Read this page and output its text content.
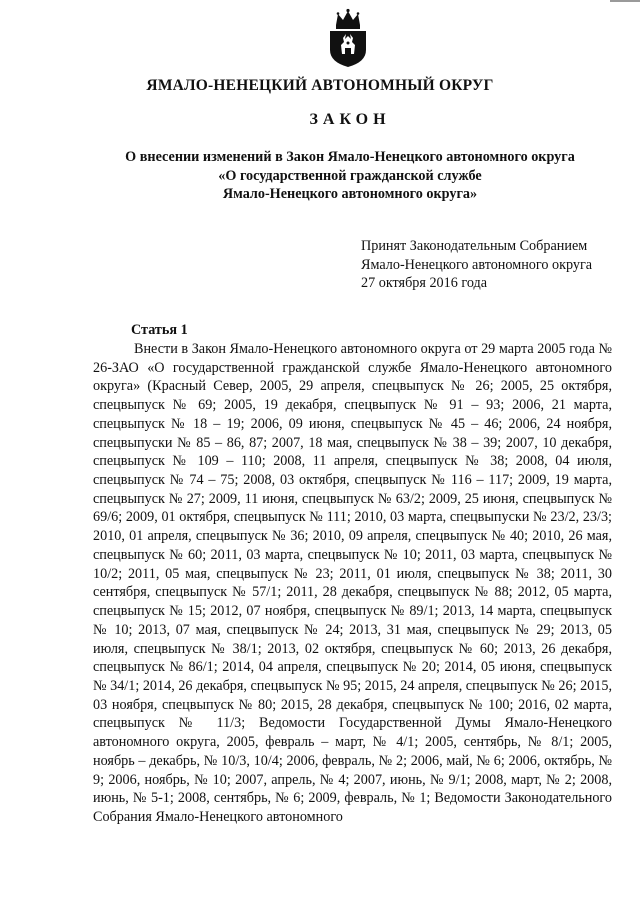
ЯМАЛО-НЕНЕЦКИЙ АВТОНОМНЫЙ ОКРУГ
ЗАКОН
О внесении изменений в Закон Ямало-Ненецкого автономного округа
«О государственной гражданской службе
Ямало-Ненецкого автономного округа»
Принят Законодательным Собранием
Ямало-Ненецкого автономного округа
27 октября 2016 года
Статья 1

Внести в Закон Ямало-Ненецкого автономного округа от 29 марта 2005 года № 26-ЗАО «О государственной гражданской службе Ямало-Ненецкого автономного округа» (Красный Север, 2005, 29 апреля, спецвыпуск № 26; 2005, 25 октября, спецвыпуск № 69; 2005, 19 декабря, спецвыпуск № 91 – 93; 2006, 21 марта, спецвыпуск № 18 – 19; 2006, 09 июня, спецвыпуск № 45 – 46; 2006, 24 ноября, спецвыпуски № 85 – 86, 87; 2007, 18 мая, спецвыпуск № 38 – 39; 2007, 10 декабря, спецвыпуск № 109 – 110; 2008, 11 апреля, спецвыпуск № 38; 2008, 04 июля, спецвыпуск № 74 – 75; 2008, 03 октября, спецвыпуск № 116 – 117; 2009, 19 марта, спецвыпуск № 27; 2009, 11 июня, спецвыпуск № 63/2; 2009, 25 июня, спецвыпуск № 69/6; 2009, 01 октября, спецвыпуск № 111; 2010, 03 марта, спецвыпуски № 23/2, 23/3; 2010, 01 апреля, спецвыпуск № 36; 2010, 09 апреля, спецвыпуск № 40; 2010, 26 мая, спецвыпуск № 60; 2011, 03 марта, спецвыпуск № 10; 2011, 03 марта, спецвыпуск № 10/2; 2011, 05 мая, спецвыпуск № 23; 2011, 01 июля, спецвыпуск № 38; 2011, 30 сентября, спецвыпуск № 57/1; 2011, 28 декабря, спецвыпуск № 88; 2012, 05 марта, спецвыпуск № 15; 2012, 07 ноября, спецвыпуск № 89/1; 2013, 14 марта, спецвыпуск № 10; 2013, 07 мая, спецвыпуск № 24; 2013, 31 мая, спецвыпуск № 29; 2013, 05 июля, спецвыпуск № 38/1; 2013, 02 октября, спецвыпуск № 60; 2013, 26 декабря, спецвыпуск № 86/1; 2014, 04 апреля, спецвыпуск № 20; 2014, 05 июня, спецвыпуск № 34/1; 2014, 26 декабря, спецвыпуск № 95; 2015, 24 апреля, спецвыпуск № 26; 2015, 03 ноября, спецвыпуск № 80; 2015, 28 декабря, спецвыпуск № 100; 2016, 02 марта, спецвыпуск № 11/3; Ведомости Государственной Думы Ямало-Ненецкого автономного округа, 2005, февраль – март, № 4/1; 2005, сентябрь, № 8/1; 2005, ноябрь – декабрь, № 10/3, 10/4; 2006, февраль, № 2; 2006, май, № 6; 2006, октябрь, № 9; 2006, ноябрь, № 10; 2007, апрель, № 4; 2007, июнь, № 9/1; 2008, март, № 2; 2008, июнь, № 5-1; 2008, сентябрь, № 6; 2009, февраль, № 1; Ведомости Законодательного Собрания Ямало-Ненецкого автономного
